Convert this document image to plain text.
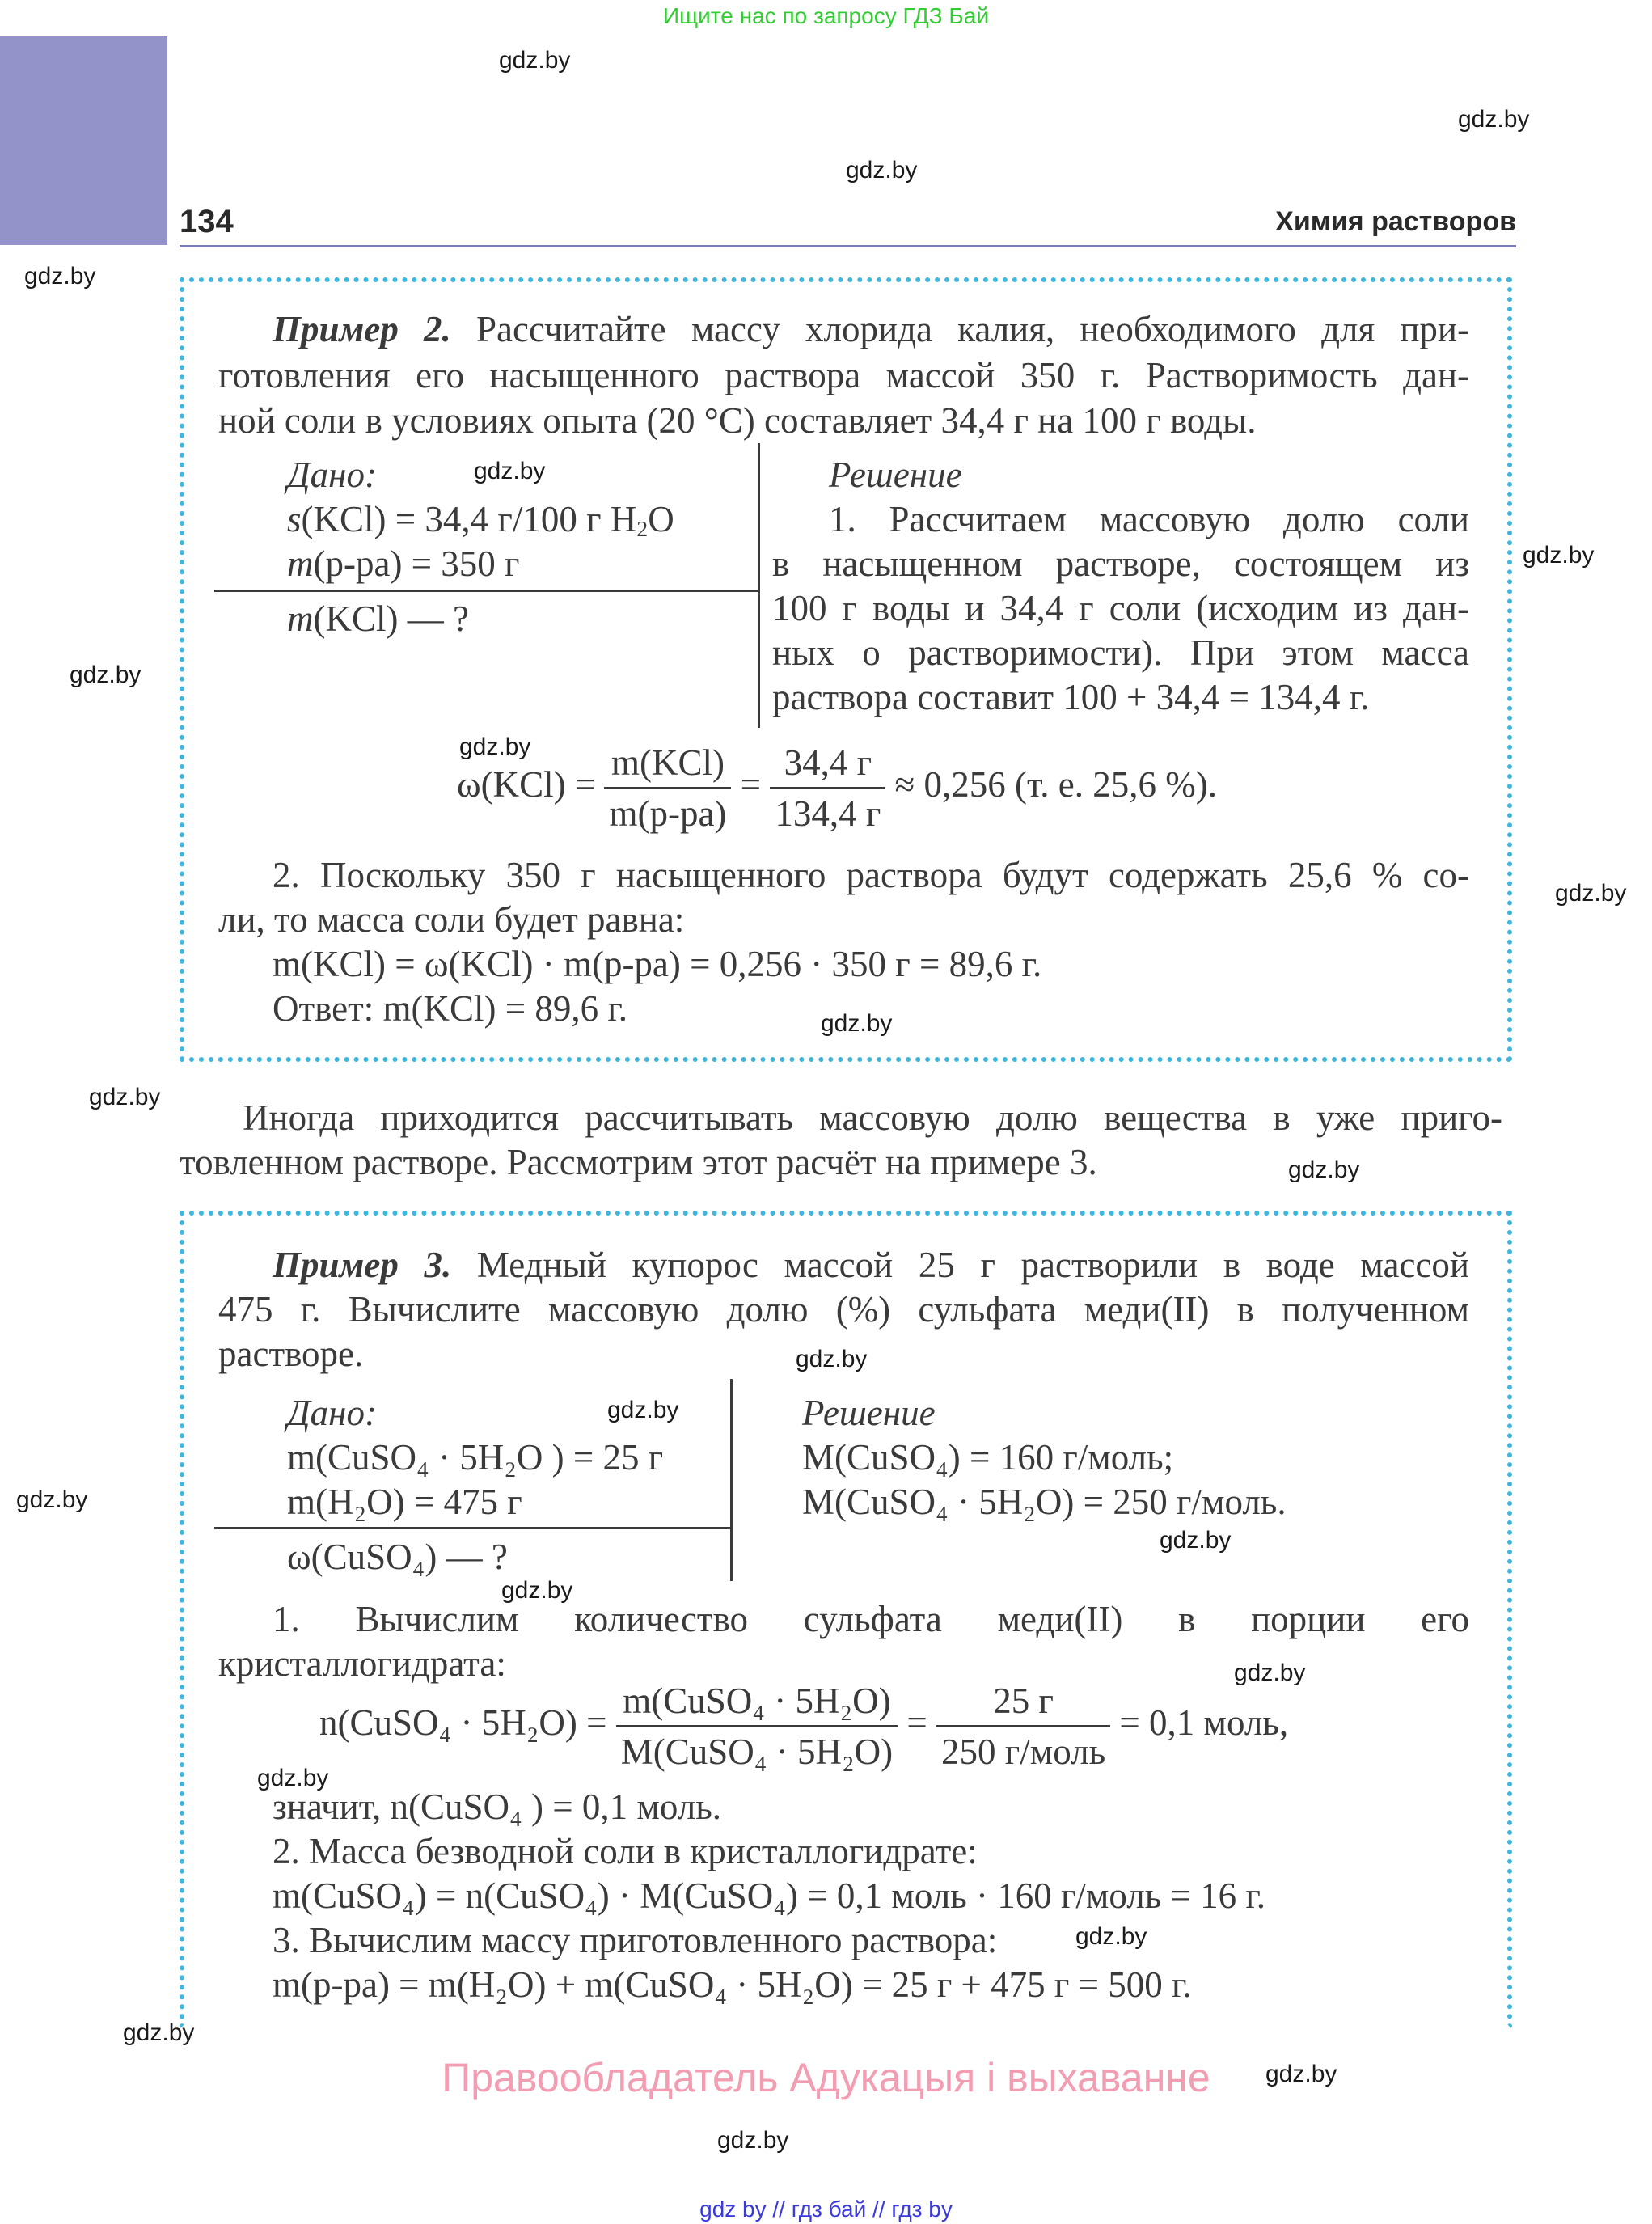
Ищите нас по запросу ГДЗ Бай
134	Химия растворов
gdz.by
gdz.by
gdz.by
gdz.by
gdz.by
gdz.by
gdz.by
gdz.by
gdz.by
gdz.by
gdz.by
gdz.by
gdz.by
gdz.by
gdz.by
gdz.by
gdz.by
gdz.by
gdz.by
gdz.by
gdz.by
gdz.by
gdz.by
Пример 2. Рассчитайте массу хлорида калия, необходимого для при-
готовления его насыщенного раствора массой 350 г. Растворимость дан-
ной соли в условиях опыта (20 °C) составляет 34,4 г на 100 г воды.
Дано:
s(KCl) = 34,4 г/100 г $H_2O$
m(р-ра) = 350 г
m(KCl) — ?
Решение
1. Рассчитаем массовую долю соли
в насыщенном растворе, состоящем из
100 г воды и 34,4 г соли (исходим из дан-
ных о растворимости). При этом масса
раствора составит 100 + 34,4 = 134,4 г.
$\omega(KCl) = \frac{\text{m(KCl)}}{m(р-ра)} = \frac{34,4 г}{134,4 г} \approx 0,256$ (т. е. 25,6 %).
2. Поскольку 350 г насыщенного раствора будут содержать 25,6 % со-
ли, то масса соли будет равна:
m(KCl) = ω(KCl) · m(р-ра) = 0,256 · 350 г = 89,6 г.
Ответ: m(KCl) = 89,6 г.
Иногда приходится рассчитывать массовую долю вещества в уже приго-
товленном растворе. Рассмотрим этот расчёт на примере 3.
Пример 3. Медный купорос массой 25 г растворили в воде массой
475 г. Вычислите массовую долю (%) сульфата меди(II) в полученном
растворе.
Дано:
m(CuSO₄ · 5H₂O ) = 25 г
m(H₂O) = 475 г
ω(CuSO₄) — ?
Решение
M(CuSO₄) = 160 г/моль;
M(CuSO₄ · 5H₂O) = 250 г/моль.
1. Вычислим количество сульфата меди(II) в порции его
кристаллогидрата:
n(CuSO₄ · $5H_2O) = \frac{\text{m(CuSO₄ · 5H₂O)}}{\text{M(CuSO₄ · 5H₂O)}} = \frac{25 г}{\text{250 г/моль}} = 0,1$ моль,
значит, n(CuSO₄ ) = 0,1 моль.
2. Масса безводной соли в кристаллогидрате:
m(CuSO₄) = n(CuSO₄) · M(CuSO₄) = 0,1 моль · 160 г/моль = 16 г.
3. Вычислим массу приготовленного раствора:
m(р-ра) = m(H₂O) + m(CuSO₄ · 5H₂O) = 25 г + 475 г = 500 г.
Правообладатель Адукацыя і выхаванне
gdz by // гдз бай // гдз by
